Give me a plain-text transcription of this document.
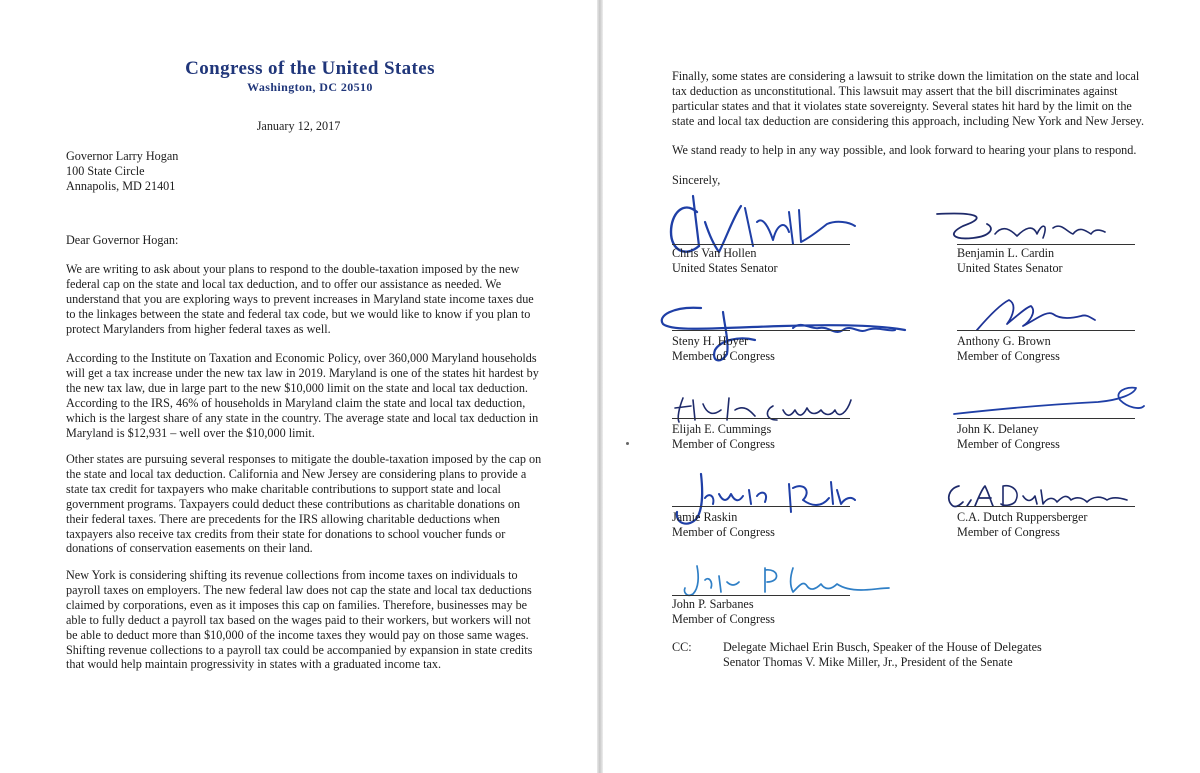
Congress of the United States
Washington, DC 20510

January 12, 2017

Governor Larry Hogan
100 State Circle
Annapolis, MD 21401

Dear Governor Hogan:

We are writing to ask about your plans to respond to the double-taxation imposed by the new
federal cap on the state and local tax deduction, and to offer our assistance as needed. We
understand that you are exploring ways to prevent increases in Maryland state income taxes due
to the linkages between the state and federal tax code, but we would like to know if you plan to
protect Marylanders from higher federal taxes as well.

According to the Institute on Taxation and Economic Policy, over 360,000 Maryland households
will get a tax increase under the new tax law in 2019. Maryland is one of the states hit hardest by
the new tax law, due in large part to the new $10,000 limit on the state and local tax deduction.
According to the IRS, 46% of households in Maryland claim the state and local tax deduction,
which is the largest share of any state in the country. The average state and local tax deduction in
Maryland is $12,931 – well over the $10,000 limit.

Other states are pursuing several responses to mitigate the double-taxation imposed by the cap on
the state and local tax deduction. California and New Jersey are considering plans to provide a
state tax credit for taxpayers who make charitable contributions to support state and local
government programs. Taxpayers could deduct these contributions as charitable donations on
their federal taxes. There are precedents for the IRS allowing charitable deductions when
taxpayers also receive tax credits from their state for donations to school voucher funds or
donations of conservation easements on their land.

New York is considering shifting its revenue collections from income taxes on individuals to
payroll taxes on employers. The new federal law does not cap the state and local tax deductions
claimed by corporations, even as it imposes this cap on families. Therefore, businesses may be
able to fully deduct a payroll tax based on the wages paid to their workers, but workers will not
be able to deduct more than $10,000 of the income taxes they would pay on those same wages.
Shifting revenue collections to a payroll tax could be accompanied by expansion in state credits
that would help maintain progressivity in states with a graduated income tax.

Finally, some states are considering a lawsuit to strike down the limitation on the state and local
tax deduction as unconstitutional. This lawsuit may assert that the bill discriminates against
particular states and that it violates state sovereignty. Several states hit hard by the limit on the
state and local tax deduction are considering this approach, including New York and New Jersey.

We stand ready to help in any way possible, and look forward to hearing your plans to respond.

Sincerely,

Chris Van Hollen
United States Senator
Benjamin L. Cardin
United States Senator
Steny H. Hoyer
Member of Congress
Anthony G. Brown
Member of Congress
Elijah E. Cummings
Member of Congress
John K. Delaney
Member of Congress
Jamie Raskin
Member of Congress
C.A. Dutch Ruppersberger
Member of Congress
John P. Sarbanes
Member of Congress
CC:	Delegate Michael Erin Busch, Speaker of the House of Delegates
Senator Thomas V. Mike Miller, Jr., President of the Senate
